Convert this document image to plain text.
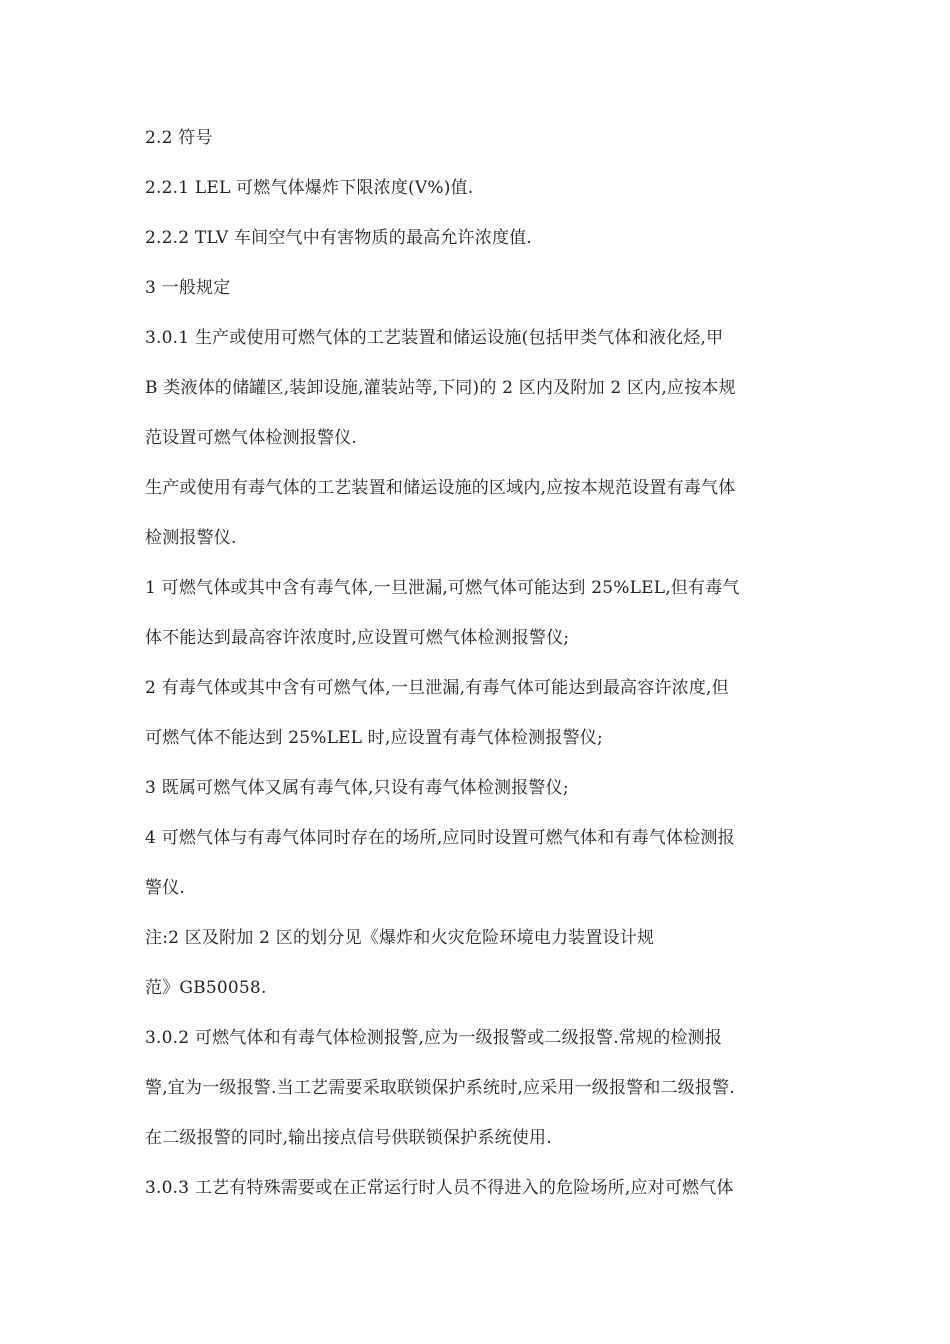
2.2 符号
2.2.1 LEL 可燃气体爆炸下限浓度(V%)值.
2.2.2 TLV 车间空气中有害物质的最高允许浓度值.
3 一般规定
3.0.1 生产或使用可燃气体的工艺装置和储运设施(包括甲类气体和液化烃,甲
B 类液体的储罐区,装卸设施,灌装站等,下同)的 2 区内及附加 2 区内,应按本规
范设置可燃气体检测报警仪.
生产或使用有毒气体的工艺装置和储运设施的区域内,应按本规范设置有毒气体
检测报警仪.
1 可燃气体或其中含有毒气体,一旦泄漏,可燃气体可能达到 25%LEL,但有毒气
体不能达到最高容许浓度时,应设置可燃气体检测报警仪;
2 有毒气体或其中含有可燃气体,一旦泄漏,有毒气体可能达到最高容许浓度,但
可燃气体不能达到 25%LEL 时,应设置有毒气体检测报警仪;
3 既属可燃气体又属有毒气体,只设有毒气体检测报警仪;
4 可燃气体与有毒气体同时存在的场所,应同时设置可燃气体和有毒气体检测报
警仪.
注:2 区及附加 2 区的划分见《爆炸和火灾危险环境电力装置设计规
范》GB50058.
3.0.2 可燃气体和有毒气体检测报警,应为一级报警或二级报警.常规的检测报
警,宜为一级报警.当工艺需要采取联锁保护系统时,应采用一级报警和二级报警.
在二级报警的同时,输出接点信号供联锁保护系统使用.
3.0.3 工艺有特殊需要或在正常运行时人员不得进入的危险场所,应对可燃气体
